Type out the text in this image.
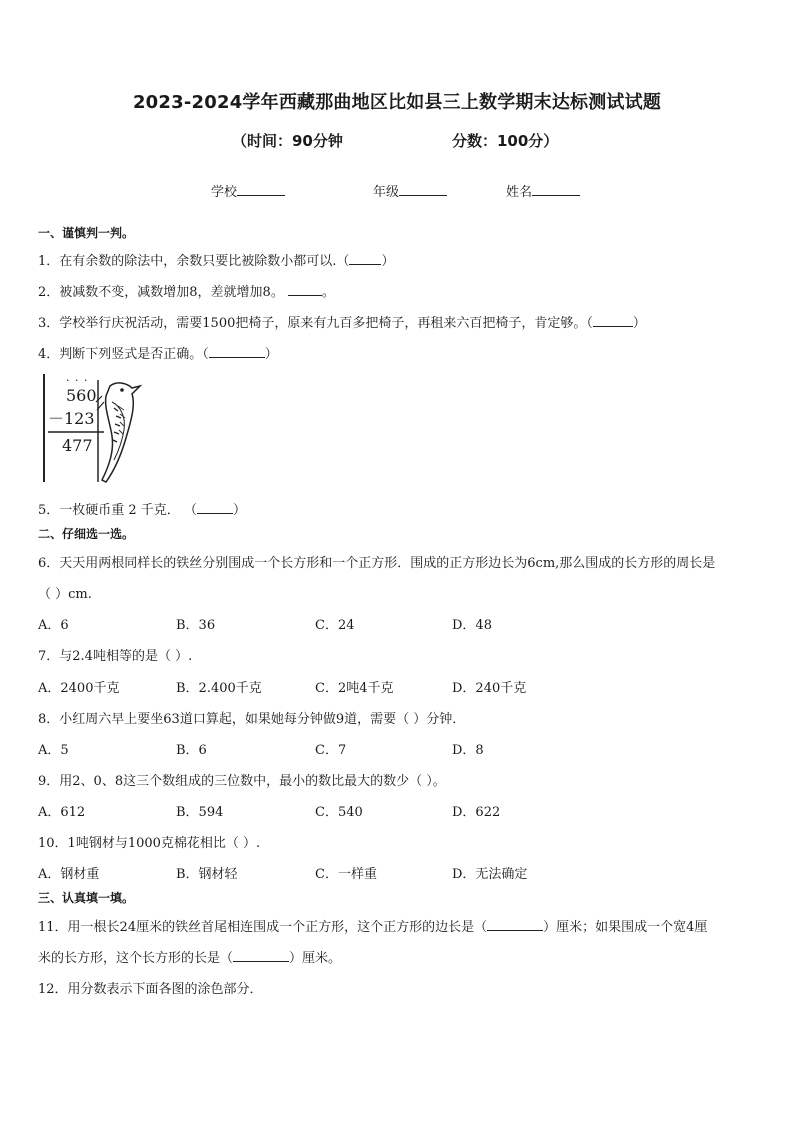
2023-2024学年西藏那曲地区比如县三上数学期末达标测试试题
（时间：90分钟	分数：100分）
学校	年级	姓名
一、谨慎判一判。
1．在有余数的除法中，余数只要比被除数小都可以.（ ）
2．被减数不变，减数增加8，差就增加8。	。
3．学校举行庆祝活动，需要1500把椅子，原来有九百多把椅子，再租来六百把椅子，肯定够。（	）
4．判断下列竖式是否正确。（	）
· · ·
560
－123
477
5．一枚硬币重 2 千克． （	）
二、仔细选一选。
6．天天用两根同样长的铁丝分别围成一个长方形和一个正方形．围成的正方形边长为6cm,那么围成的长方形的周长是
（ ）cm.
A．6	B．36	C．24	D．48
7．与2.4吨相等的是（ ）.
A．2400千克	B．2.400千克	C．2吨4千克	D．240千克
8．小红周六早上要坐63道口算起，如果她每分钟做9道，需要（ ）分钟．
A．5	B．6	C．7	D．8
9．用2、0、8这三个数组成的三位数中，最小的数比最大的数少（ ）。
A．612	B．594	C．540	D．622
10．1吨钢材与1000克棉花相比（ ）.
A．钢材重	B．钢材轻	C．一样重	D．无法确定
三、认真填一填。
11．用一根长24厘米的铁丝首尾相连围成一个正方形，这个正方形的边长是（	）厘米；如果围成一个宽4厘
米的长方形，这个长方形的长是（	）厘米。
12．用分数表示下面各图的涂色部分．
